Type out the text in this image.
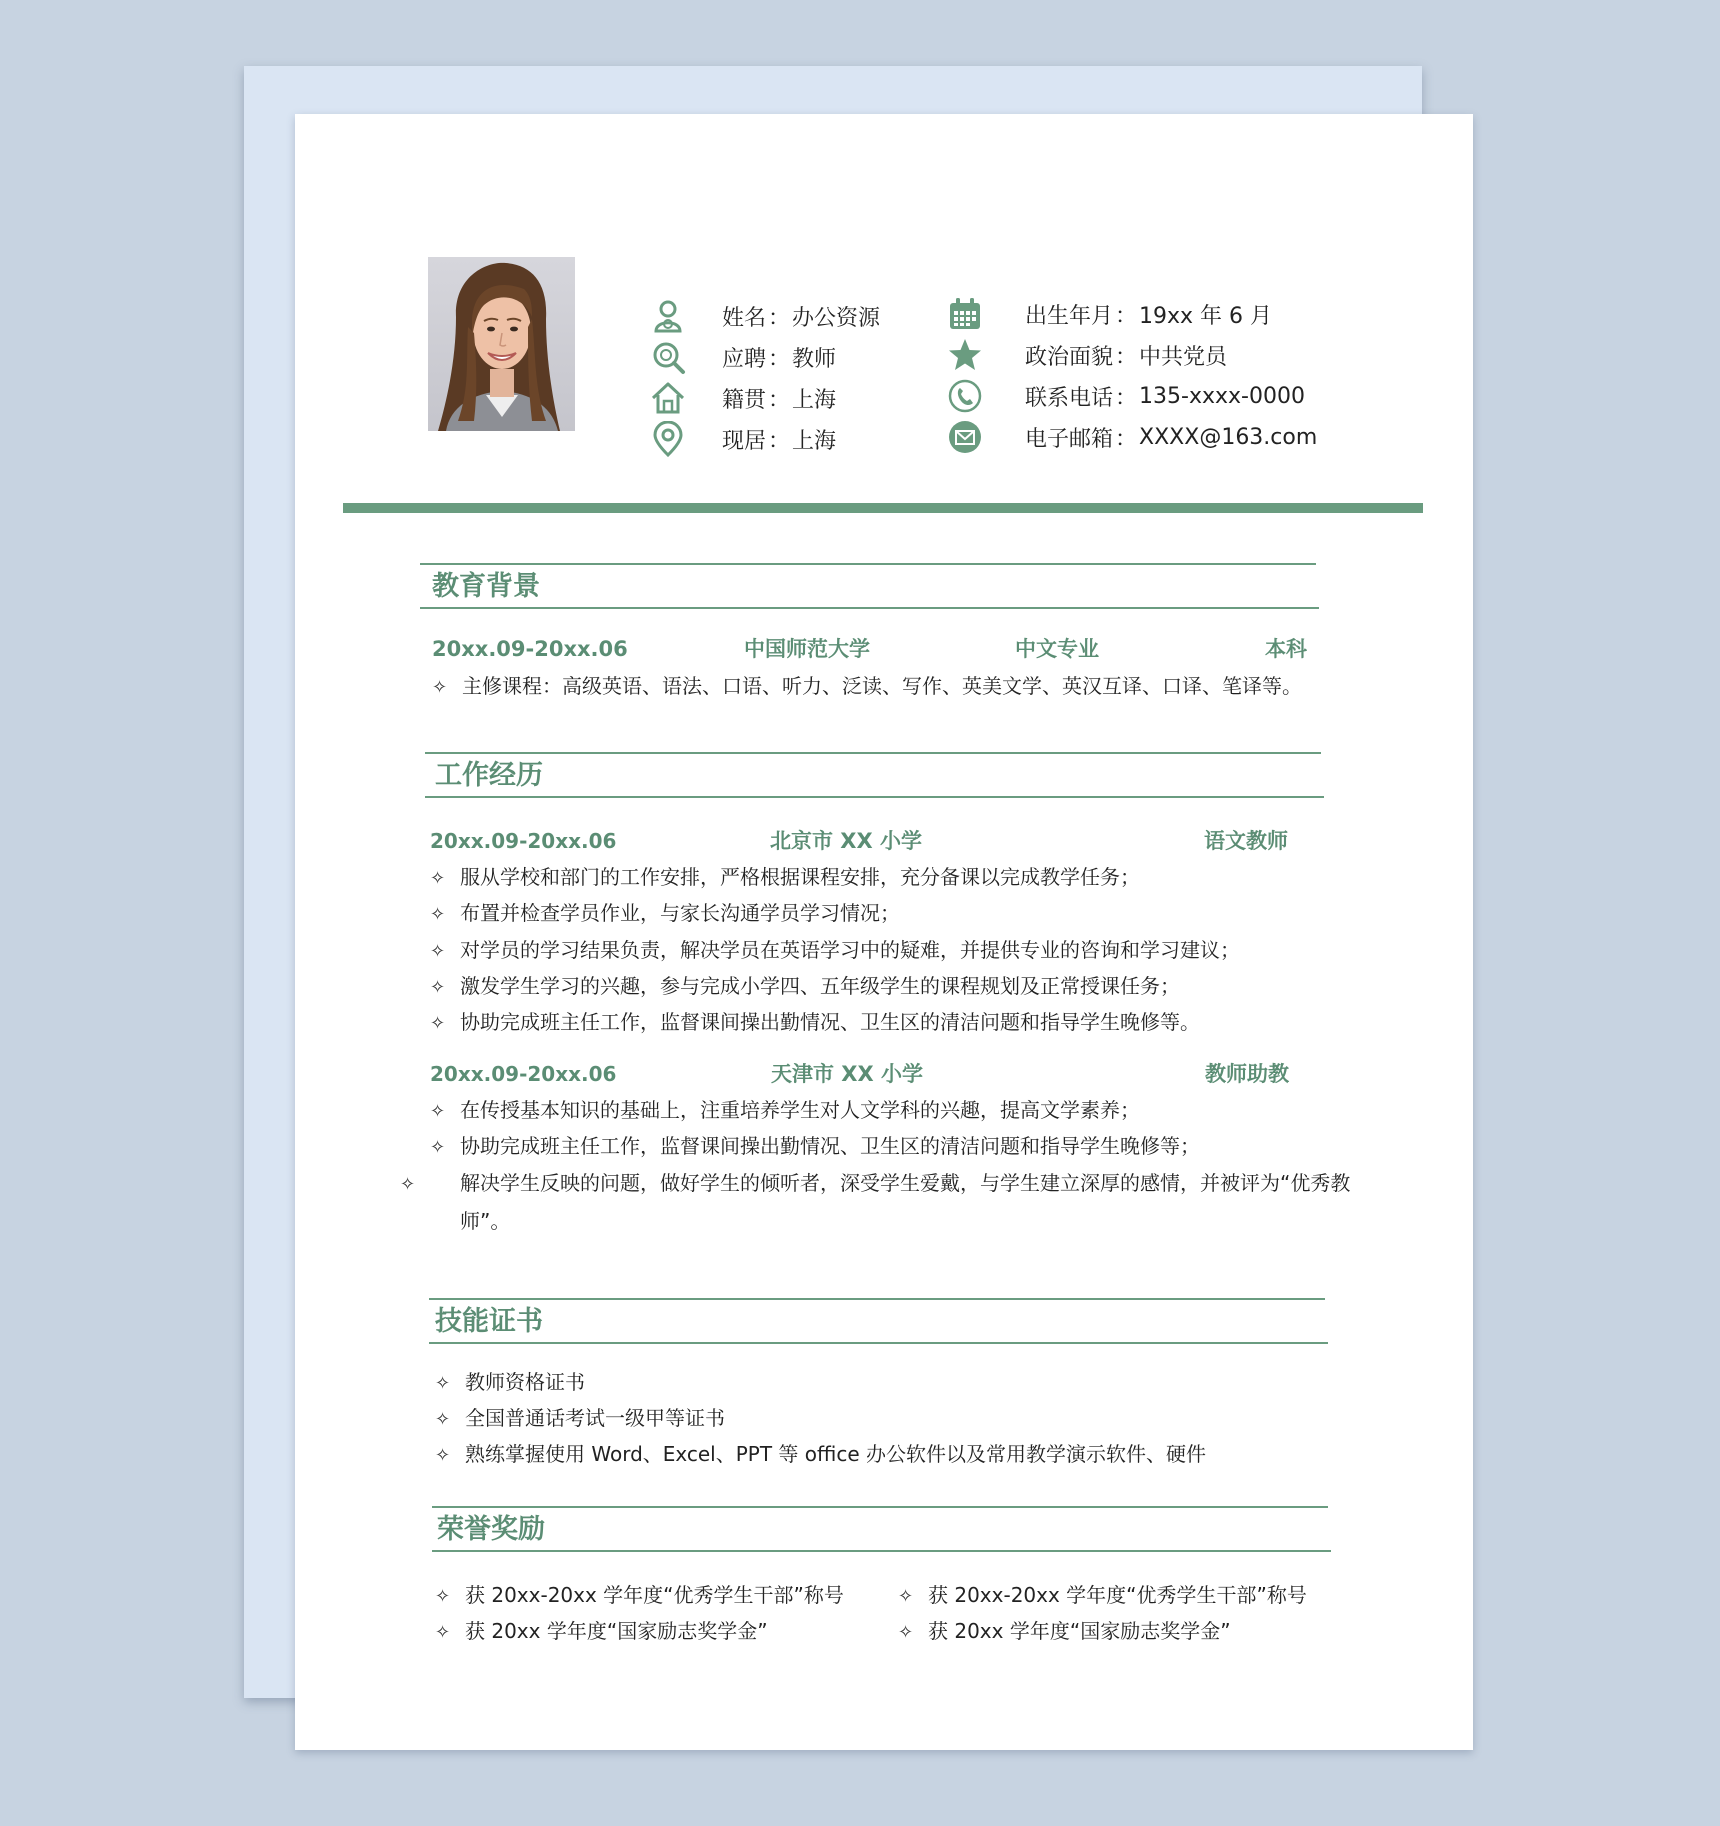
姓名 ： 办公资源
应聘 ： 教师
籍贯 ： 上海
现居 ： 上海
出生年月 ： 19xx 年 6 月
政治面貌 ： 中共党员
联系电话 ： 135-xxxx-0000
电子邮箱 ： XXXX@163.com
教育背景
20xx.09-20xx.06	中国师范大学	中文专业	本科
✧ 主修课程：高级英语、语法、口语、听力、泛读、写作、英美文学、英汉互译、口译、笔译等。
工作经历
20xx.09-20xx.06	北京市 XX 小学	语文教师
✧ 服从学校和部门的工作安排，严格根据课程安排，充分备课以完成教学任务；
✧ 布置并检查学员作业，与家长沟通学员学习情况；
✧ 对学员的学习结果负责，解决学员在英语学习中的疑难，并提供专业的咨询和学习建议；
✧ 激发学生学习的兴趣，参与完成小学四、五年级学生的课程规划及正常授课任务；
✧ 协助完成班主任工作，监督课间操出勤情况、卫生区的清洁问题和指导学生晚修等。
20xx.09-20xx.06	天津市 XX 小学	教师助教
✧ 在传授基本知识的基础上，注重培养学生对人文学科的兴趣，提高文学素养；
✧ 协助完成班主任工作，监督课间操出勤情况、卫生区的清洁问题和指导学生晚修等；
✧ 解决学生反映的问题，做好学生的倾听者，深受学生爱戴，与学生建立深厚的感情，并被评为“优秀教师”。
技能证书
✧ 教师资格证书
✧ 全国普通话考试一级甲等证书
✧ 熟练掌握使用 Word、Excel、PPT 等 office 办公软件以及常用教学演示软件、硬件
荣誉奖励
✧ 获 20xx-20xx 学年度“优秀学生干部”称号	✧ 获 20xx-20xx 学年度“优秀学生干部”称号
✧ 获 20xx 学年度“国家励志奖学金”	✧ 获 20xx 学年度“国家励志奖学金”
